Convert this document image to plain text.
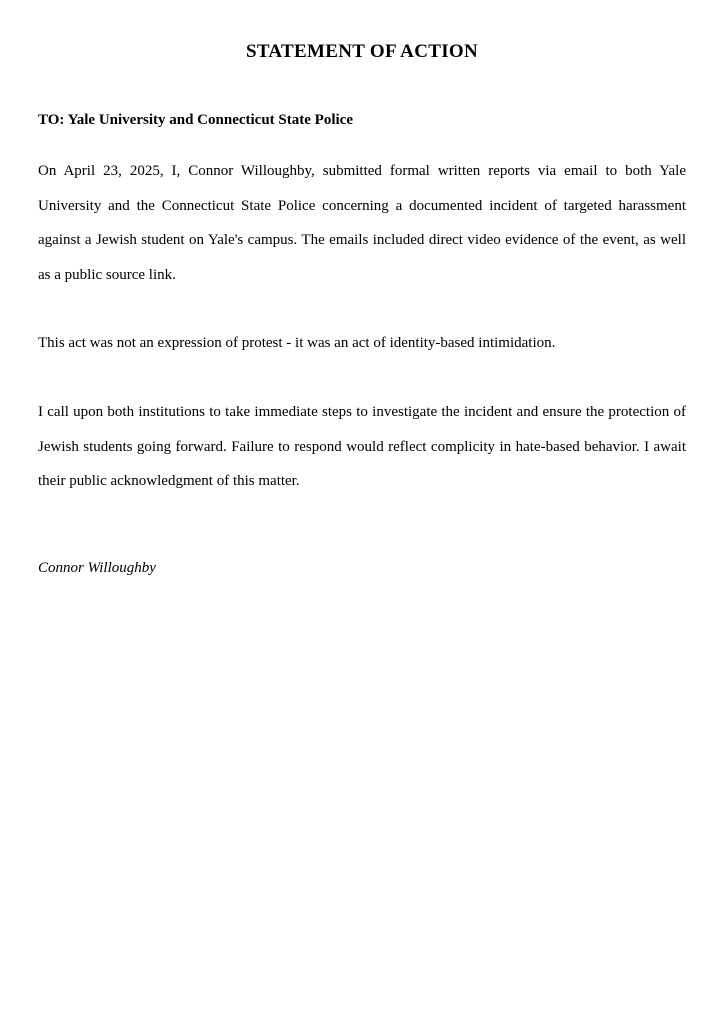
STATEMENT OF ACTION

TO: Yale University and Connecticut State Police

On April 23, 2025, I, Connor Willoughby, submitted formal written reports via email to both Yale University and the Connecticut State Police concerning a documented incident of targeted harassment against a Jewish student on Yale's campus. The emails included direct video evidence of the event, as well as a public source link.

This act was not an expression of protest - it was an act of identity-based intimidation.

I call upon both institutions to take immediate steps to investigate the incident and ensure the protection of Jewish students going forward. Failure to respond would reflect complicity in hate-based behavior. I await their public acknowledgment of this matter.

Connor Willoughby
